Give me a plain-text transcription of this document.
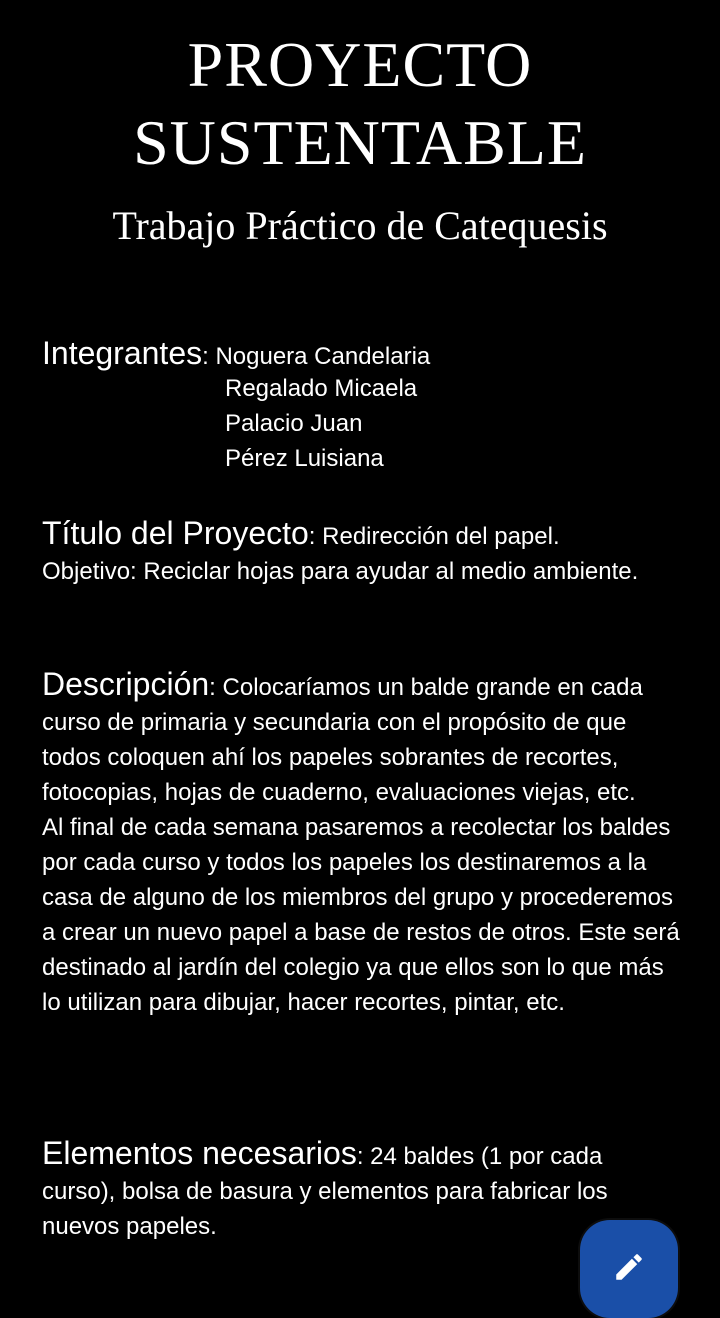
PROYECTO
SUSTENTABLE
Trabajo Práctico de Catequesis
Integrantes: Noguera Candelaria
Regalado Micaela
Palacio Juan
Pérez Luisiana
Título del Proyecto: Redirección del papel.
Objetivo: Reciclar hojas para ayudar al medio ambiente.
Descripción: Colocaríamos un balde grande en cada curso de primaria y secundaria con el propósito de que todos coloquen ahí los papeles sobrantes de recortes, fotocopias, hojas de cuaderno, evaluaciones viejas, etc.
Al final de cada semana pasaremos a recolectar los baldes por cada curso y todos los papeles los destinaremos a la casa de alguno de los miembros del grupo y procederemos a crear un nuevo papel a base de restos de otros. Este será destinado al jardín del colegio ya que ellos son lo que más lo utilizan para dibujar, hacer recortes, pintar, etc.
Elementos necesarios: 24 baldes (1 por cada curso), bolsa de basura y elementos para fabricar los nuevos papeles.
